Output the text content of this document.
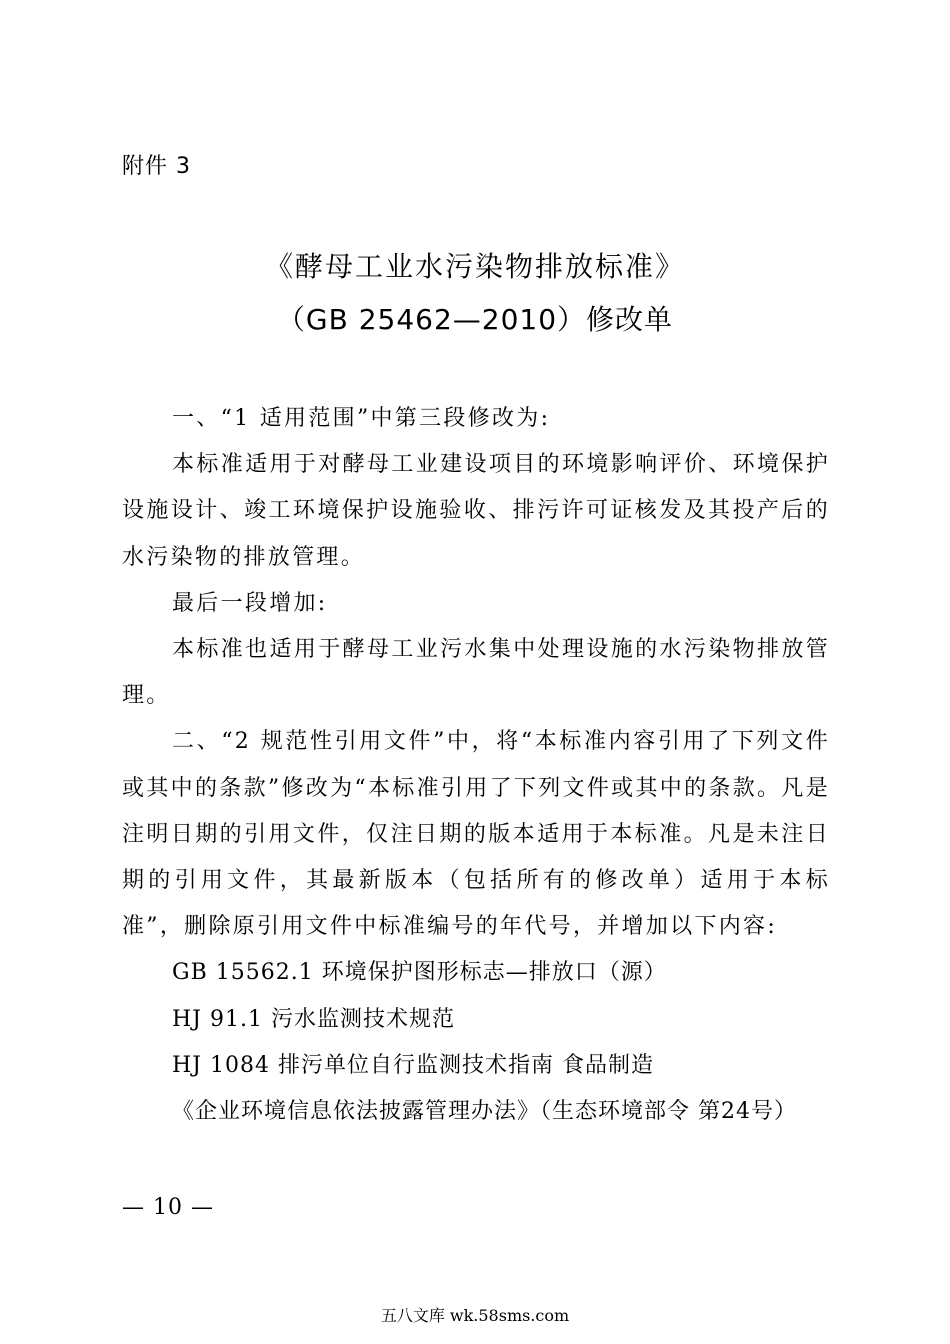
附件 3
《酵母工业水污染物排放标准》
（GB 25462—2010）修改单

一、“1 适用范围”中第三段修改为:

本标准适用于对酵母工业建设项目的环境影响评价、环境保护设施设计、竣工环境保护设施验收、排污许可证核发及其投产后的水污染物的排放管理。

最后一段增加:

本标准也适用于酵母工业污水集中处理设施的水污染物排放管理。

二、“2 规范性引用文件”中，将“本标准内容引用了下列文件或其中的条款”修改为“本标准引用了下列文件或其中的条款。凡是注明日期的引用文件，仅注日期的版本适用于本标准。凡是未注日期的引用文件，其最新版本（包括所有的修改单）适用于本标准”，删除原引用文件中标准编号的年代号，并增加以下内容:

GB 15562.1 环境保护图形标志—排放口（源）

HJ 91.1 污水监测技术规范

HJ 1084 排污单位自行监测技术指南 食品制造

《企业环境信息依法披露管理办法》（生态环境部令 第24号）

— 10 —
五八文库 wk.58sms.com
